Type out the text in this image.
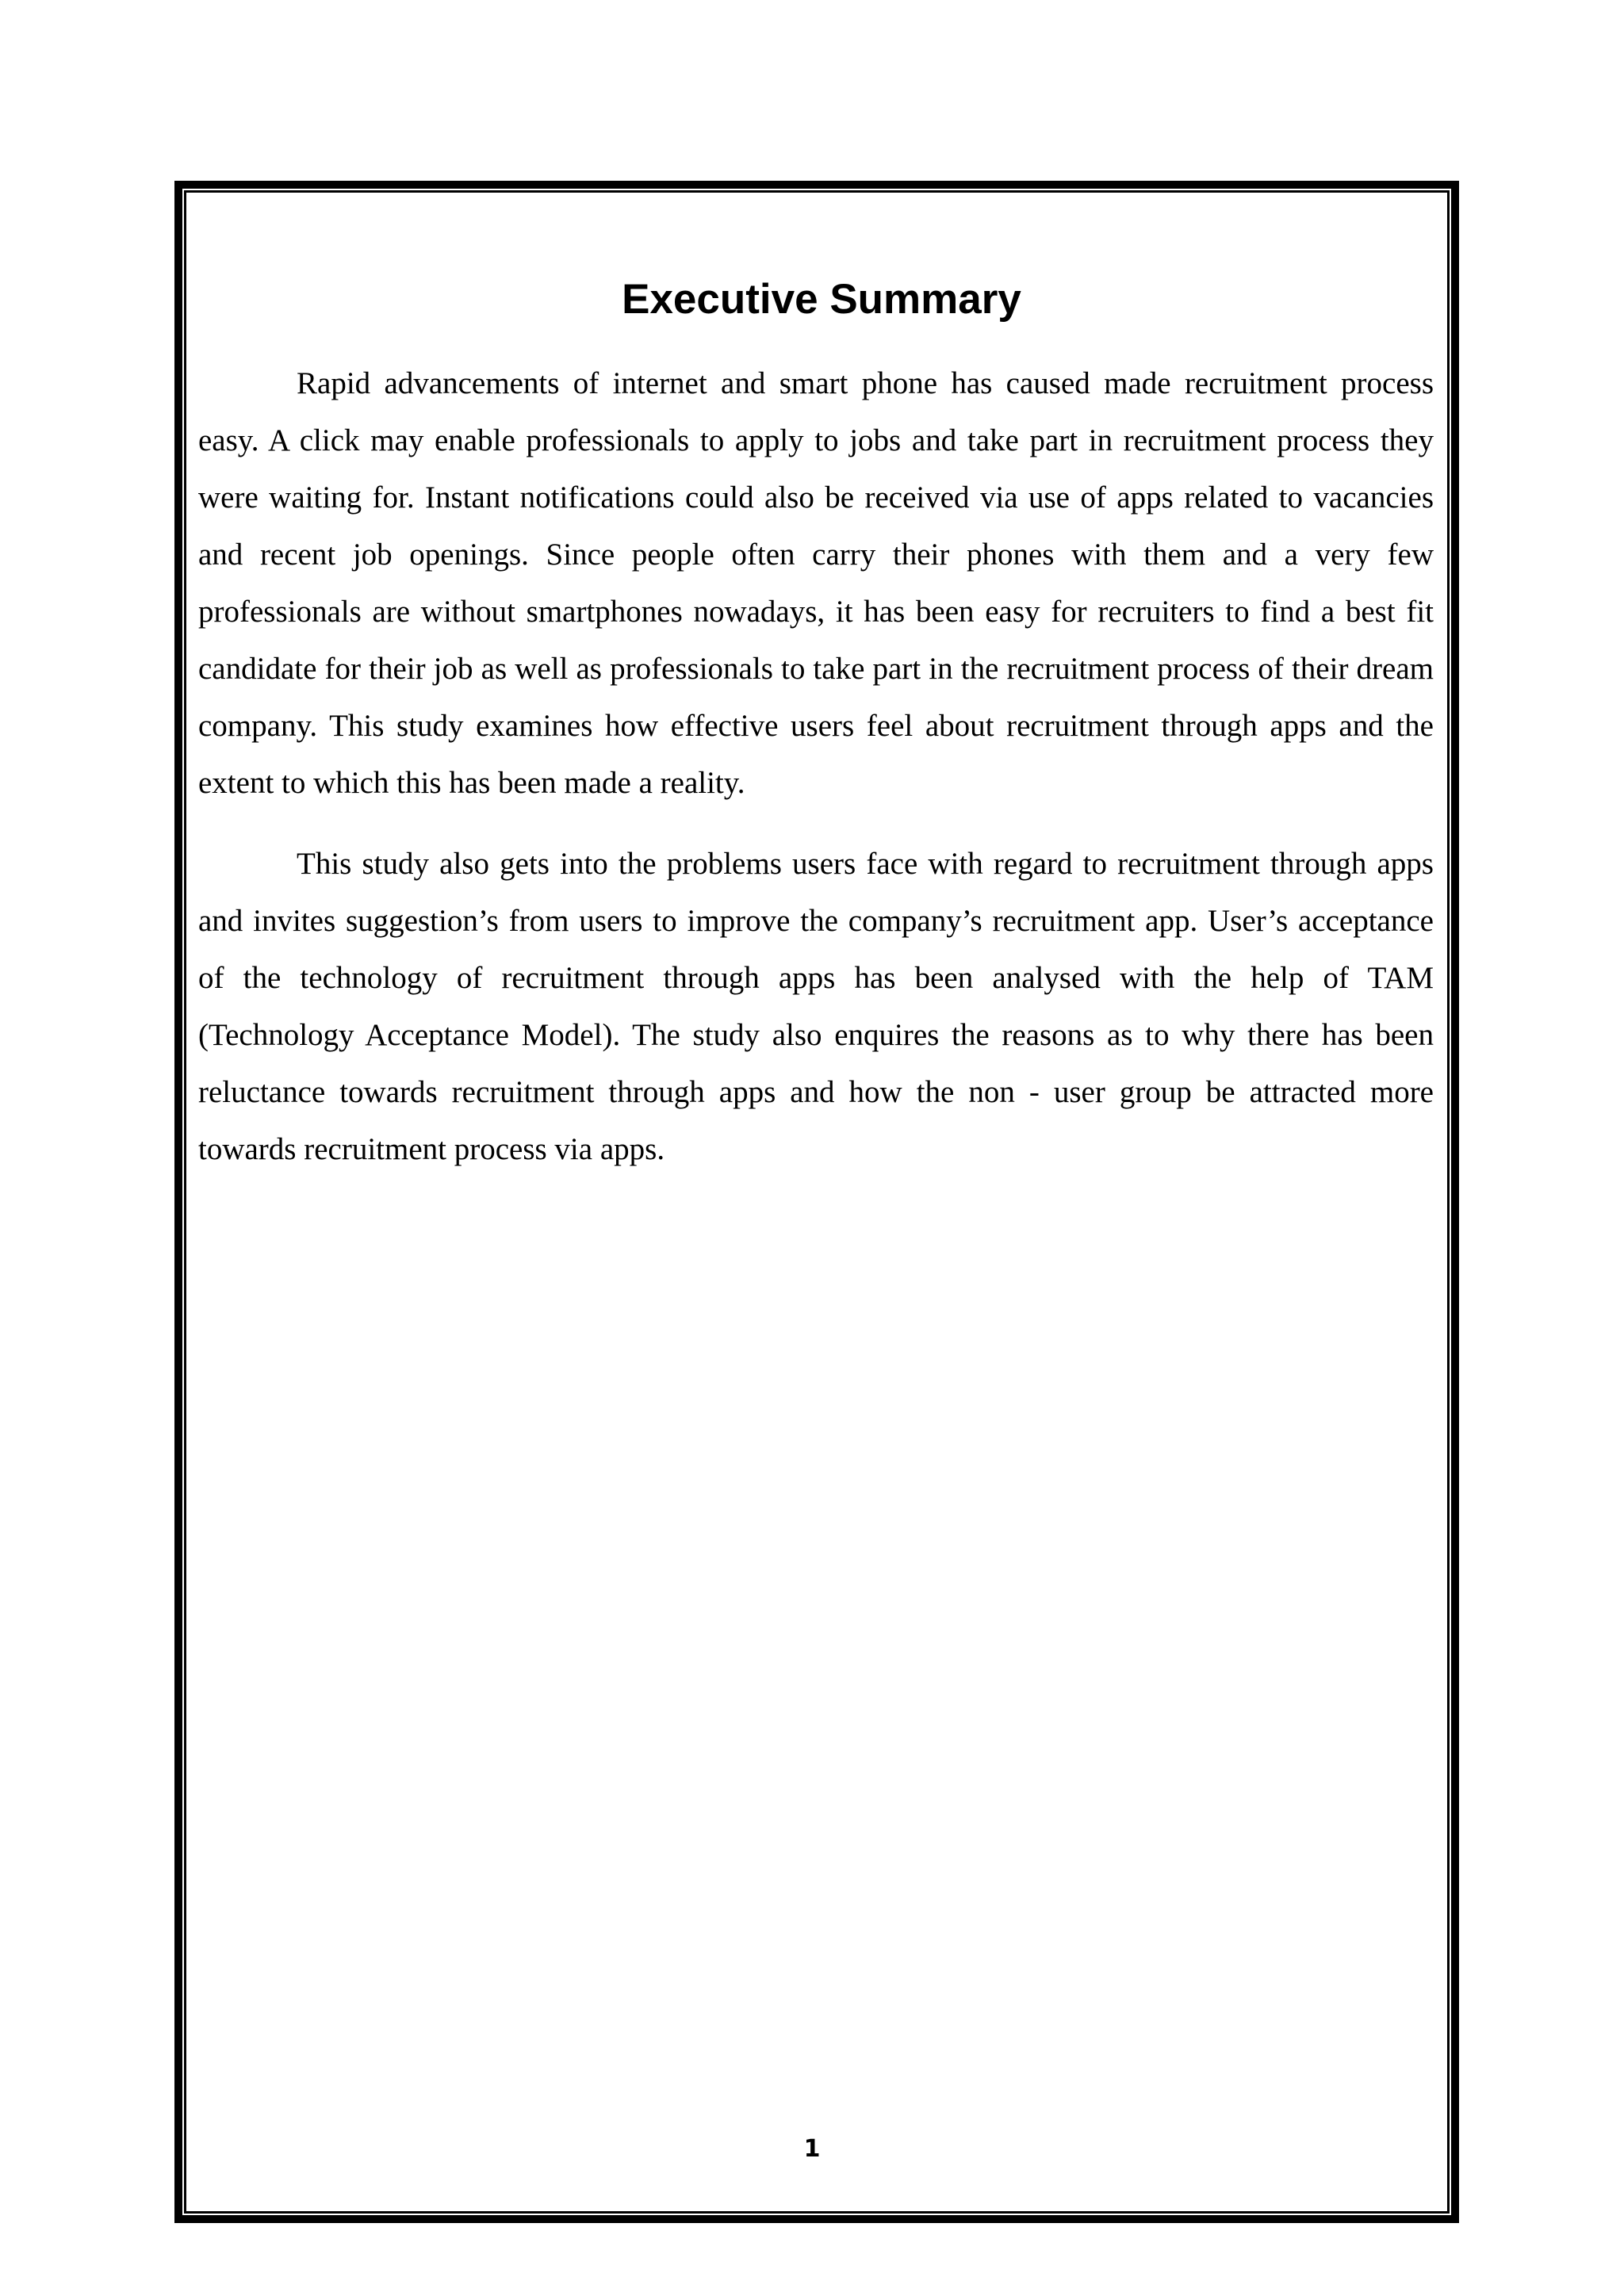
Executive Summary

Rapid advancements of internet and smart phone has caused made recruitment process easy. A click may enable professionals to apply to jobs and take part in recruitment process they were waiting for. Instant notifications could also be received via use of apps related to vacancies and recent job openings. Since people often carry their phones with them and a very few professionals are without smartphones nowadays, it has been easy for recruiters to find a best fit candidate for their job as well as professionals to take part in the recruitment process of their dream company. This study examines how effective users feel about recruitment through apps and the extent to which this has been made a reality.

This study also gets into the problems users face with regard to recruitment through apps and invites suggestion’s from users to improve the company’s recruitment app. User’s acceptance of the technology of recruitment through apps has been analysed with the help of TAM (Technology Acceptance Model). The study also enquires the reasons as to why there has been reluctance towards recruitment through apps and how the non - user group be attracted more towards recruitment process via apps.

1
